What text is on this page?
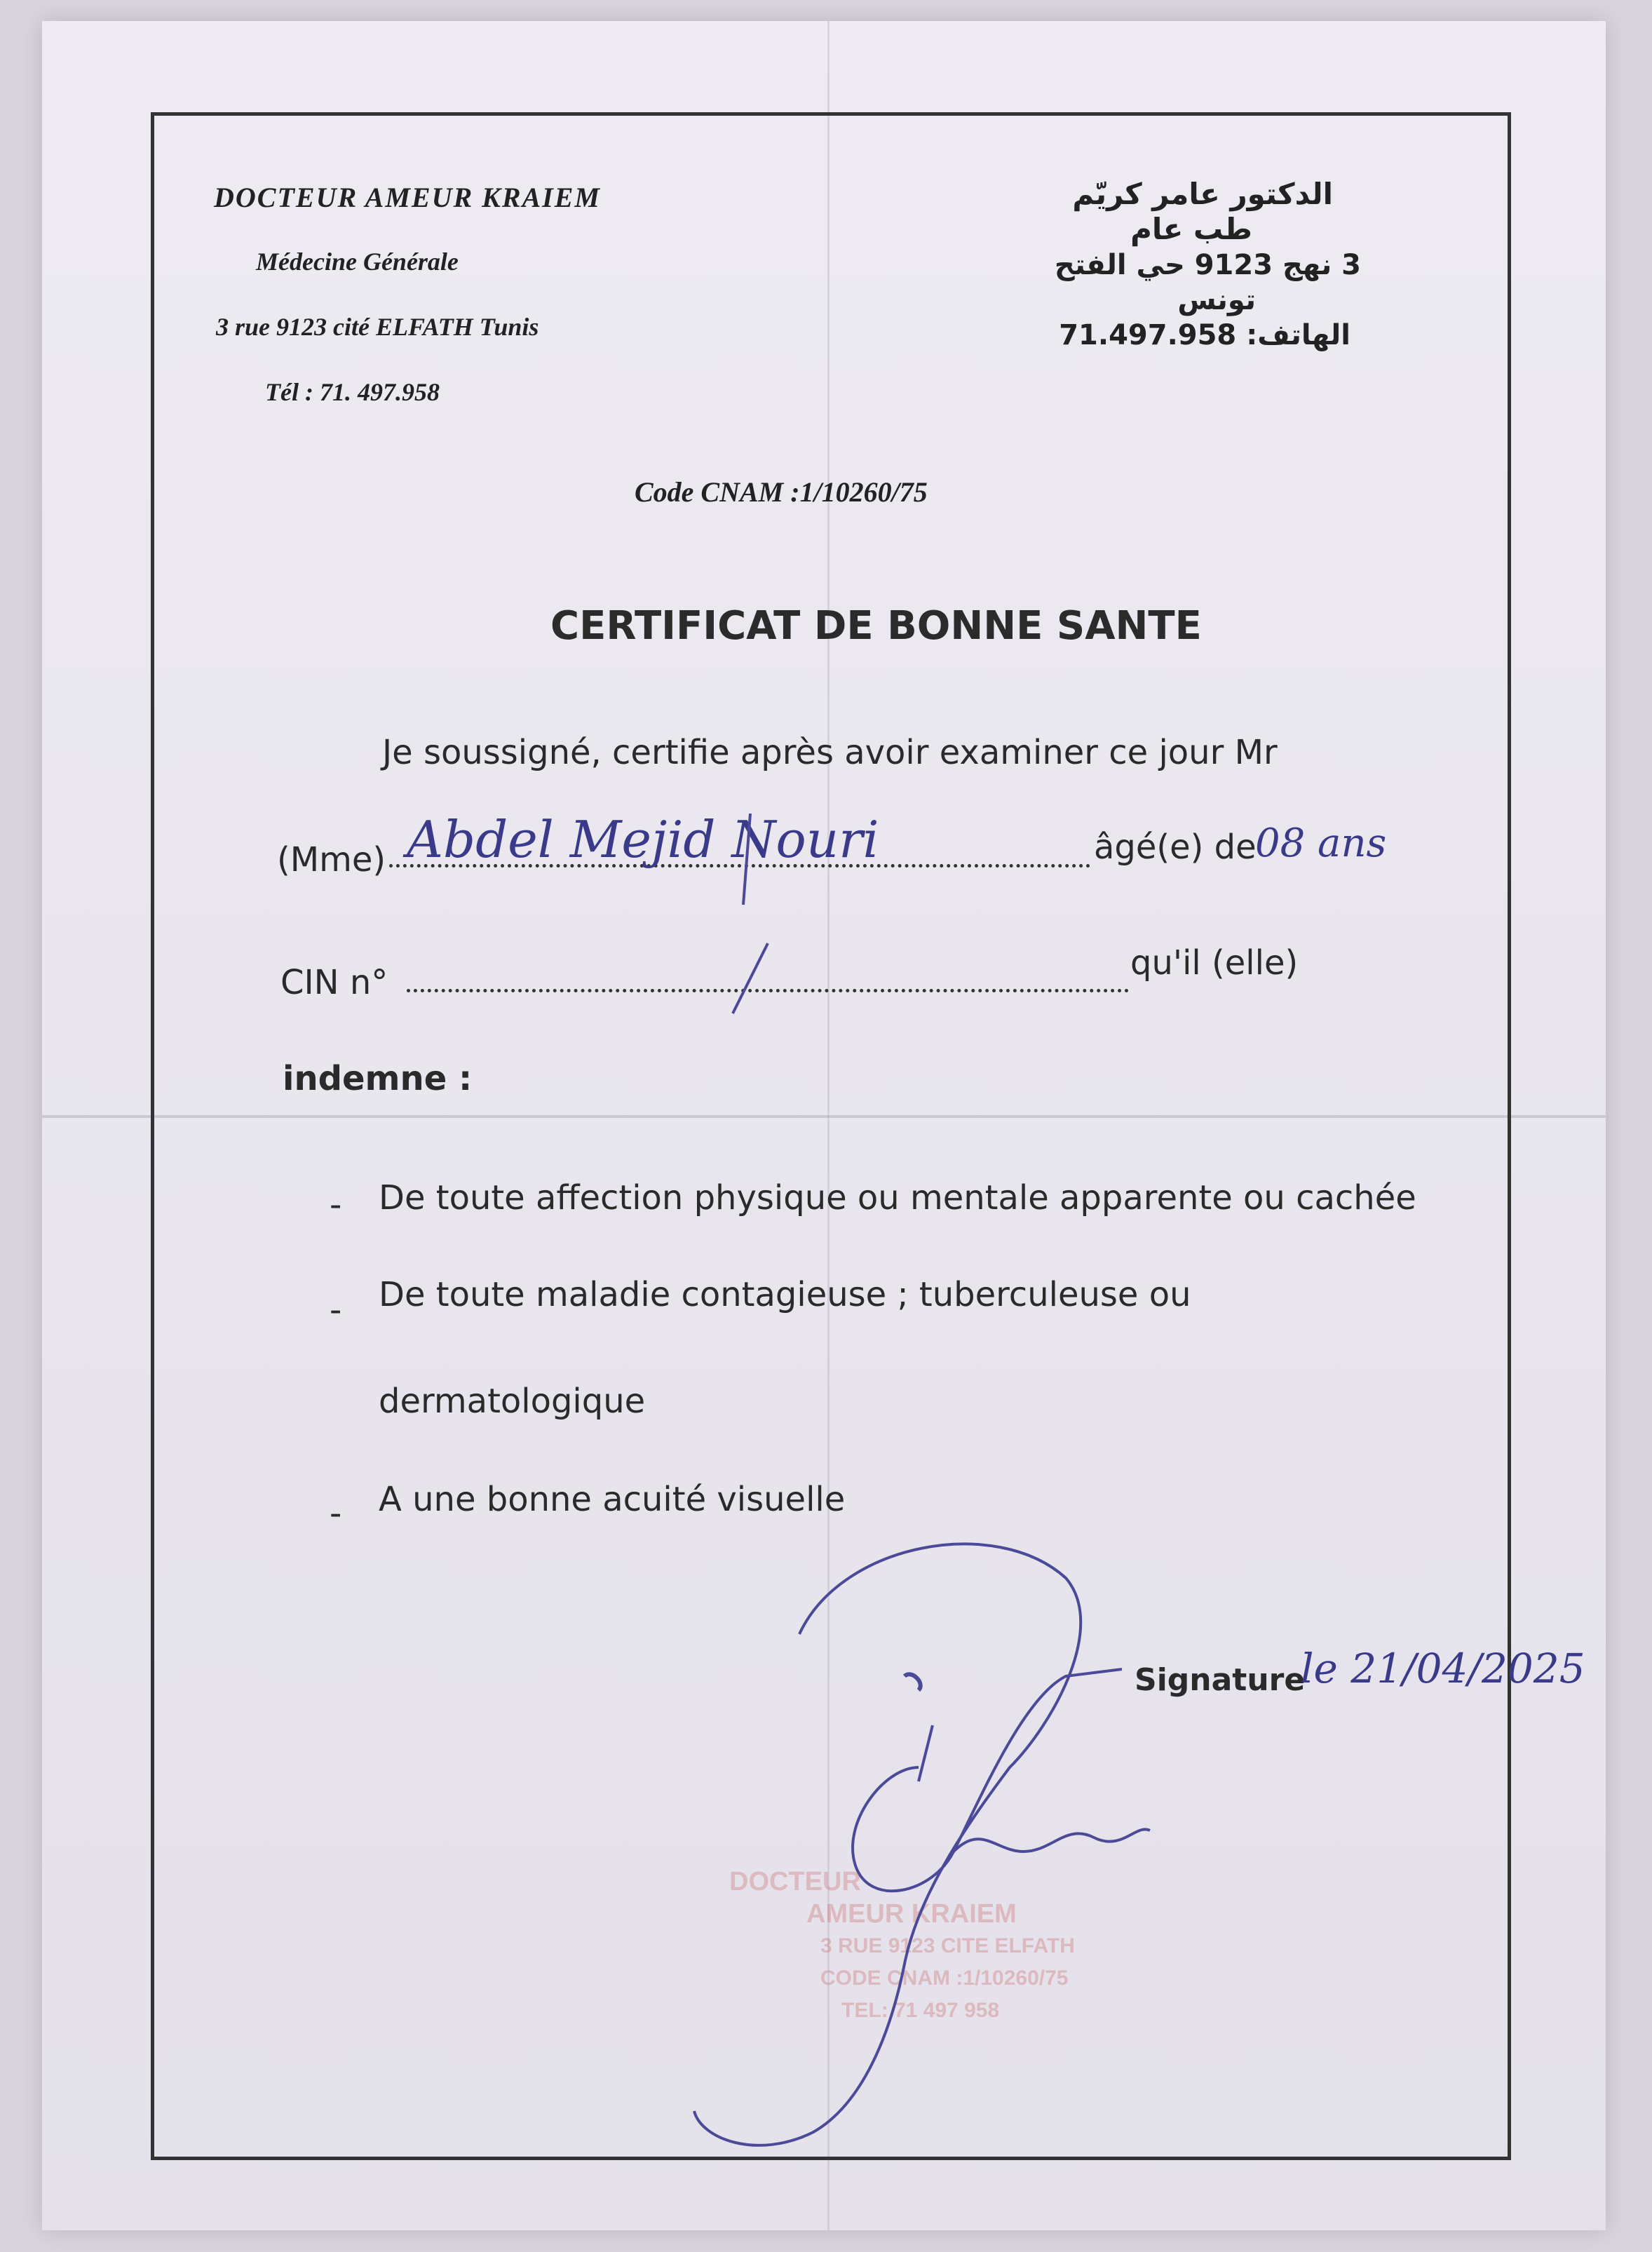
DOCTEUR AMEUR KRAIEM
Médecine Générale
3 rue 9123 cité ELFATH Tunis
Tél : 71. 497.958
الدكتور عامر كريّم
طب عام
3 نهج 9123 حي الفتح
تونس
الهاتف: 71.497.958
Code CNAM :1/10260/75
CERTIFICAT DE BONNE SANTE
Je soussigné, certifie après avoir examiner ce jour Mr
(Mme) Abdel Mejid Nouri	âgé(e) de
08 ans
CIN n°	qu'il (elle)
indemne :
- De toute affection physique ou mentale apparente ou cachée
- De toute maladie contagieuse ; tuberculeuse ou
dermatologique
- A une bonne acuité visuelle
Signature
le 21/04/2025
DOCTEUR
AMEUR KRAIEM
3 RUE 9123 CITE ELFATH
CODE CNAM :1/10260/75
TEL: 71 497 958
